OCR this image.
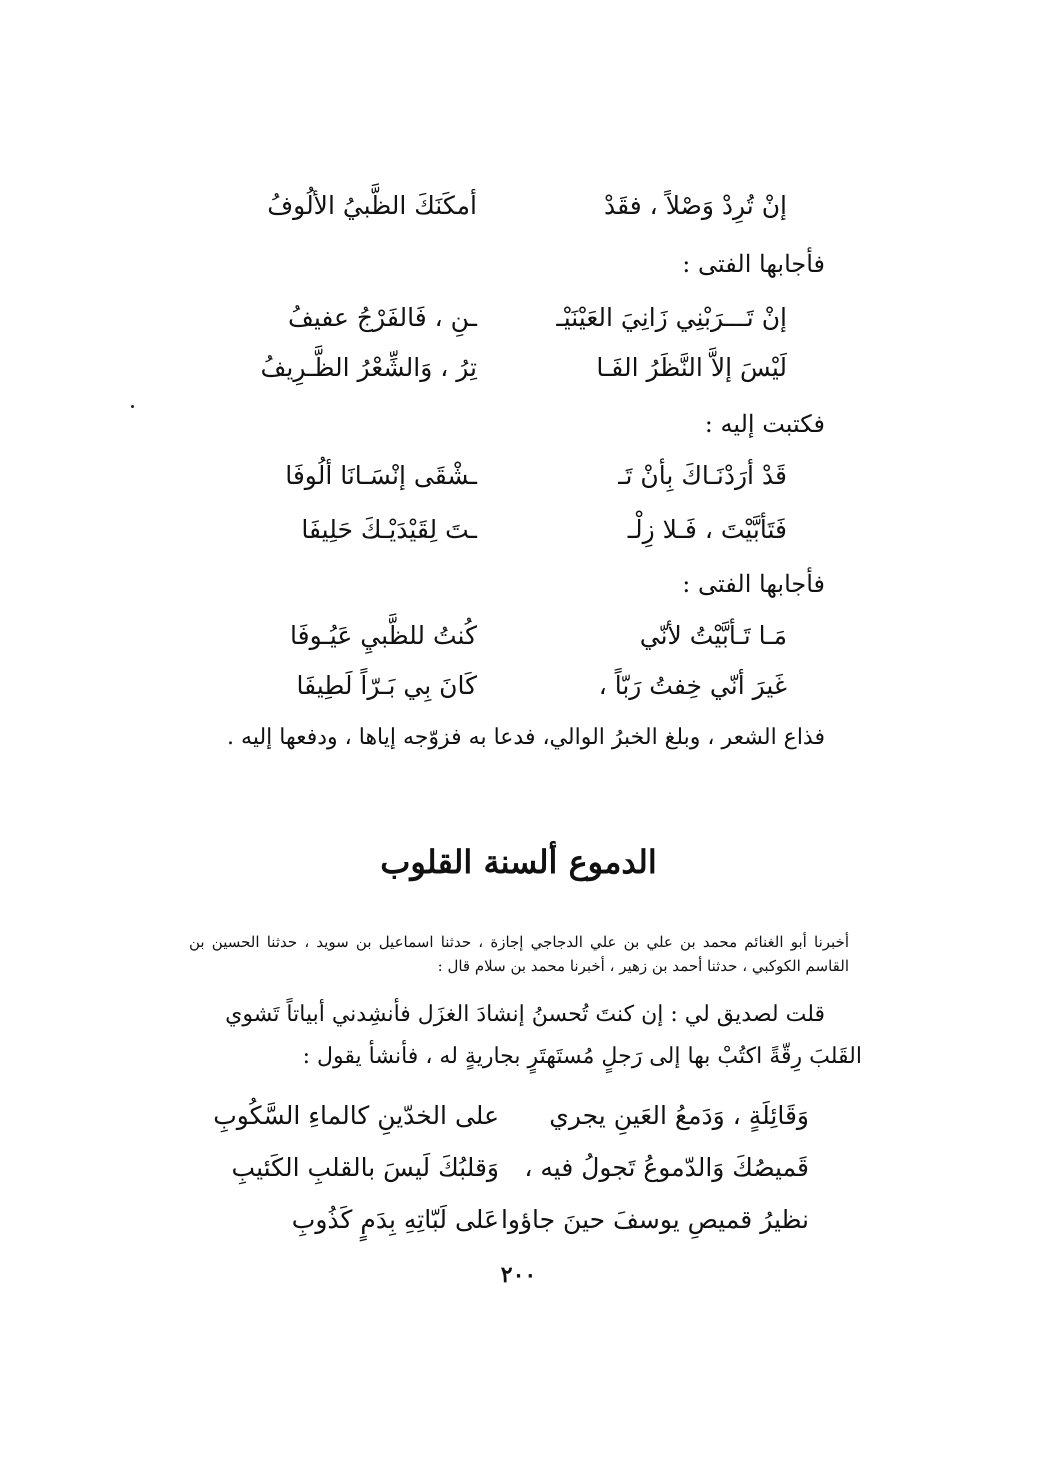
إنْ تُرِدْ وَصْلاً ، فقَدْ
أمكَنَكَ الظَّبيُ الألُوفُ
فأجابها الفتى :
إنْ تَـــرَبْنِي زَانِيَ العَيْنَيْـ
ـنِ ، فَالفَرْجُ عفيفُ
لَيْسَ إلاَّ النَّظَرُ الفَـا
تِرُ ، وَالشِّعْرُ الظَّـرِيفُ
فكتبت إليه :
قَدْ أرَدْنَـاكَ بِأنْ تَـ
ـشْقَى إنْسَـانَا ألُوفَا
فَتَأبَّيْتَ ، فَـلا زِلْـ
ـتَ لِقَيْدَيْـكَ حَلِيفَا
فأجابها الفتى :
مَـا تَـأبَّيْتُ لأنّي
كُنتُ للظَّبيِ عَيُـوفَا
غَيرَ أنّي خِفتُ رَبّاً ،
كَانَ بِي بَـرّاً لَطِيفَا
فذاع الشعر ، وبلغ الخبرُ الوالي، فدعا به فزوّجه إياها ، ودفعها إليه .
الدموع ألسنة القلوب
أخبرنا أبو الغنائم محمد بن علي بن علي الدجاجي إجازة ، حدثنا اسماعيل بن سويد ، حدثنا الحسين بن القاسم الكوكبي ، حدثنا أحمد بن زهير ، أخبرنا محمد بن سلام قال :
قلت لصديق لي : إن كنتَ تُحسنُ إنشادَ الغزَل فأنشِدني أبياتاً تَشوي
القَلبَ رِقّةً اكتُبْ بها إلى رَجلٍ مُستَهتَرٍ بجاريةٍ له ، فأنشأ يقول :
وَقَائِلَةٍ ، وَدَمعُ العَينِ يجري
على الخدّينِ كالماءِ السَّكُوبِ
قَميصُكَ وَالدّموعُ تَجولُ فيه ،
وَقلبُكَ لَيسَ بالقلبِ الكَئيبِ
نظيرُ قميصِ يوسفَ حينَ جاؤوا
عَلى لَبّاتِهِ بِدَمٍ كَذُوبِ
٢٠٠
